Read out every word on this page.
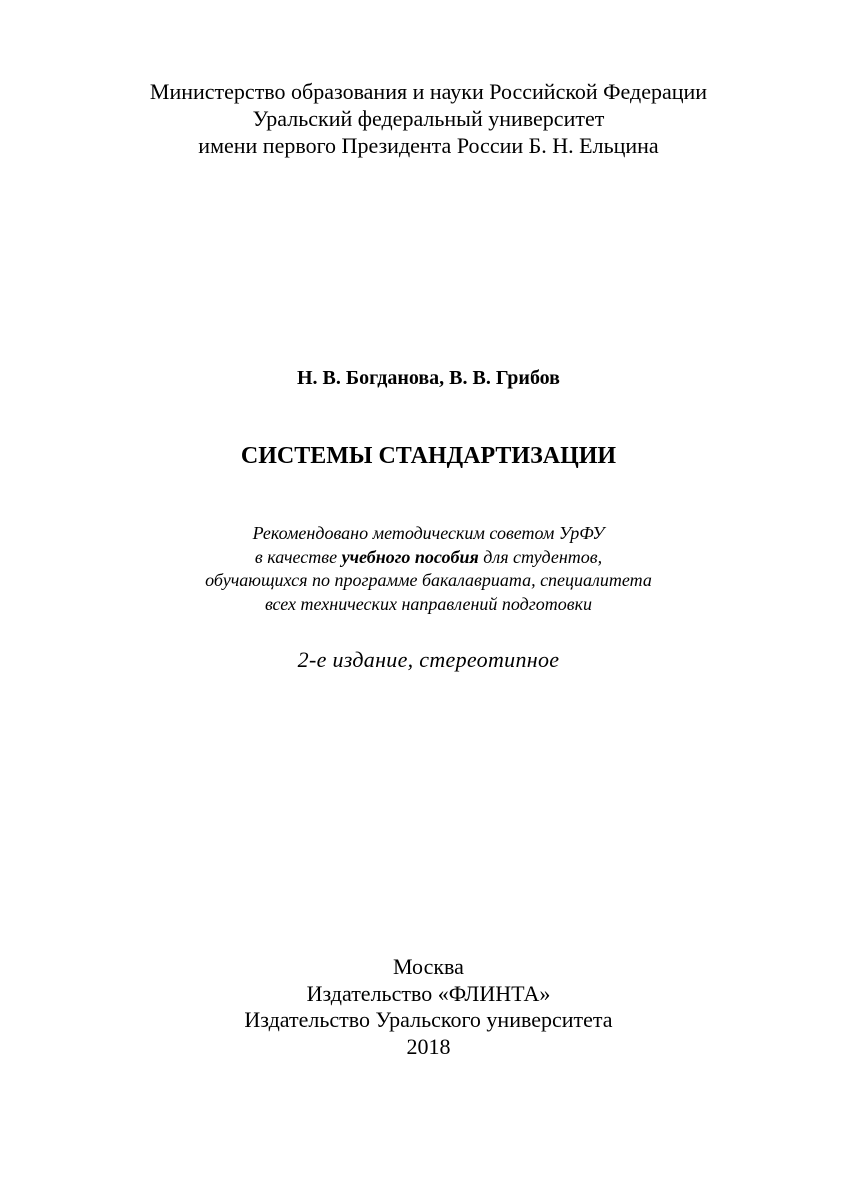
Министерство образования и науки Российской Федерации
Уральский федеральный университет
имени первого Президента России Б. Н. Ельцина
Н. В. Богданова, В. В. Грибов
СИСТЕМЫ СТАНДАРТИЗАЦИИ
Рекомендовано методическим советом УрФУ
в качестве учебного пособия для студентов,
обучающихся по программе бакалавриата, специалитета
всех технических направлений подготовки
2-е издание, стереотипное
Москва
Издательство «ФЛИНТА»
Издательство Уральского университета
2018
